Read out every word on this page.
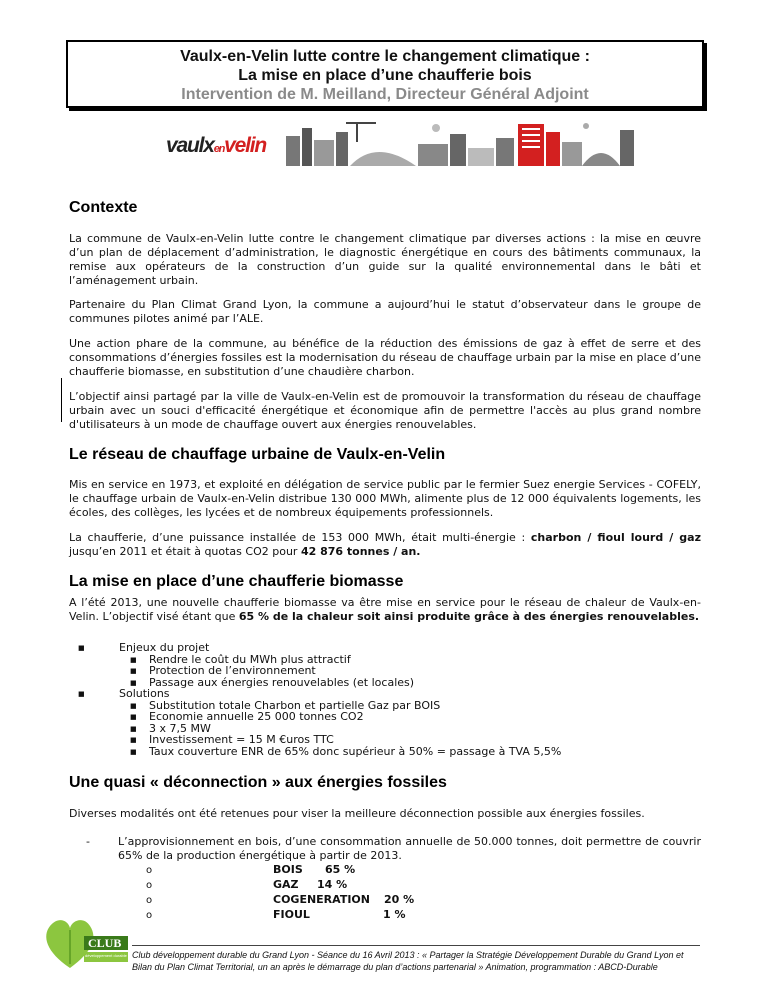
Vaulx-en-Velin lutte contre le changement climatique :
La mise en place d’une chaufferie bois
Intervention de M. Meilland, Directeur Général Adjoint
vaulxenvelin
Contexte

La commune de Vaulx-en-Velin lutte contre le changement climatique par diverses actions : la mise en œuvre d’un plan de déplacement d’administration, le diagnostic énergétique en cours des bâtiments communaux, la remise aux opérateurs de la construction d’un guide sur la qualité environnemental dans le bâti et l’aménagement urbain.

Partenaire du Plan Climat Grand Lyon, la commune a aujourd’hui le statut d’observateur dans le groupe de communes pilotes animé par l’ALE.

Une action phare de la commune, au bénéfice de la réduction des émissions de gaz à effet de serre et des consommations d’énergies fossiles est la modernisation du réseau de chauffage urbain par la mise en place d’une chaufferie biomasse, en substitution d’une chaudière charbon.

L’objectif ainsi partagé par la ville de Vaulx-en-Velin est de promouvoir la transformation du réseau de chauffage urbain avec un souci d'efficacité énergétique et économique afin de permettre l'accès au plus grand nombre d'utilisateurs à un mode de chauffage ouvert aux énergies renouvelables.

Le réseau de chauffage urbaine de Vaulx-en-Velin

Mis en service en 1973, et exploité en délégation de service public par le fermier Suez energie Services - COFELY, le chauffage urbain de Vaulx-en-Velin distribue 130 000 MWh, alimente plus de 12 000 équivalents logements, les écoles, des collèges, les lycées et de nombreux équipements professionnels.

La chaufferie, d’une puissance installée de 153 000 MWh, était multi-énergie : charbon / fioul lourd / gaz jusqu’en 2011 et était à quotas CO2 pour 42 876 tonnes / an.

La mise en place d’une chaufferie biomasse

A l’été 2013, une nouvelle chaufferie biomasse va être mise en service pour le réseau de chaleur de Vaulx-en-Velin. L’objectif visé étant que 65 % de la chaleur soit ainsi produite grâce à des énergies renouvelables.

■	Enjeux du projet
■ Rendre le coût du MWh plus attractif
■ Protection de l’environnement
■ Passage aux énergies renouvelables (et locales)
■	Solutions
■ Substitution totale Charbon et partielle Gaz par BOIS
■ Economie annuelle 25 000 tonnes CO2
■ 3 x 7,5 MW
■ Investissement = 15 M €uros TTC
■ Taux couverture ENR de 65% donc supérieur à 50% = passage à TVA 5,5%
Une quasi « déconnection » aux énergies fossiles

Diverses modalités ont été retenues pour viser la meilleure déconnection possible aux énergies fossiles.

-	L’approvisionnement en bois, d’une consommation annuelle de 50.000 tonnes, doit permettre de couvrir 65% de la production énergétique à partir de 2013.

o	BOIS 65 %
o	GAZ 14 %
o	COGENERATION 20 %
o	FIOUL	1 %
CLUB
développement durable Club développement durable du Grand Lyon - Séance du 16 Avril 2013 : « Partager la Stratégie Développement Durable du Grand Lyon et Bilan du Plan Climat Territorial, un an après le démarrage du plan d’actions partenarial » Animation, programmation : ABCD-Durable
